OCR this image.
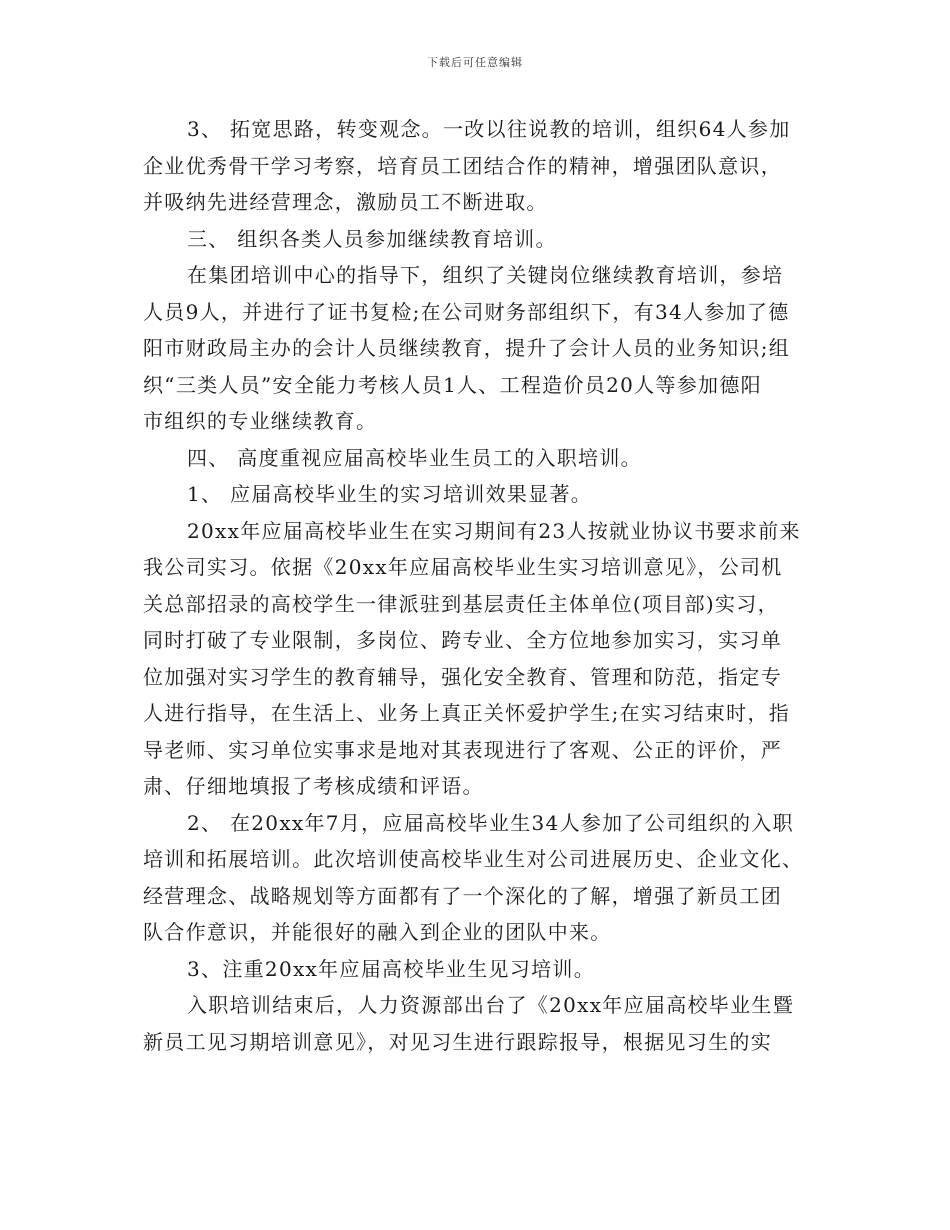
下载后可任意编辑
3、 拓宽思路，转变观念。一改以往说教的培训，组织64人参加
企业优秀骨干学习考察，培育员工团结合作的精神，增强团队意识，
并吸纳先进经营理念，激励员工不断进取。
三、 组织各类人员参加继续教育培训。
在集团培训中心的指导下，组织了关键岗位继续教育培训，参培
人员9人，并进行了证书复检;在公司财务部组织下，有34人参加了德
阳市财政局主办的会计人员继续教育，提升了会计人员的业务知识;组
织“三类人员”安全能力考核人员1人、工程造价员20人等参加德阳
市组织的专业继续教育。
四、 高度重视应届高校毕业生员工的入职培训。
1、 应届高校毕业生的实习培训效果显著。
20xx年应届高校毕业生在实习期间有23人按就业协议书要求前来
我公司实习。依据《20xx年应届高校毕业生实习培训意见》，公司机
关总部招录的高校学生一律派驻到基层责任主体单位(项目部)实习，
同时打破了专业限制，多岗位、跨专业、全方位地参加实习，实习单
位加强对实习学生的教育辅导，强化安全教育、管理和防范，指定专
人进行指导，在生活上、业务上真正关怀爱护学生;在实习结束时，指
导老师、实习单位实事求是地对其表现进行了客观、公正的评价，严
肃、仔细地填报了考核成绩和评语。
2、 在20xx年7月，应届高校毕业生34人参加了公司组织的入职
培训和拓展培训。此次培训使高校毕业生对公司进展历史、企业文化、
经营理念、战略规划等方面都有了一个深化的了解，增强了新员工团
队合作意识，并能很好的融入到企业的团队中来。
3、注重20xx年应届高校毕业生见习培训。
入职培训结束后，人力资源部出台了《20xx年应届高校毕业生暨
新员工见习期培训意见》，对见习生进行跟踪报导，根据见习生的实
